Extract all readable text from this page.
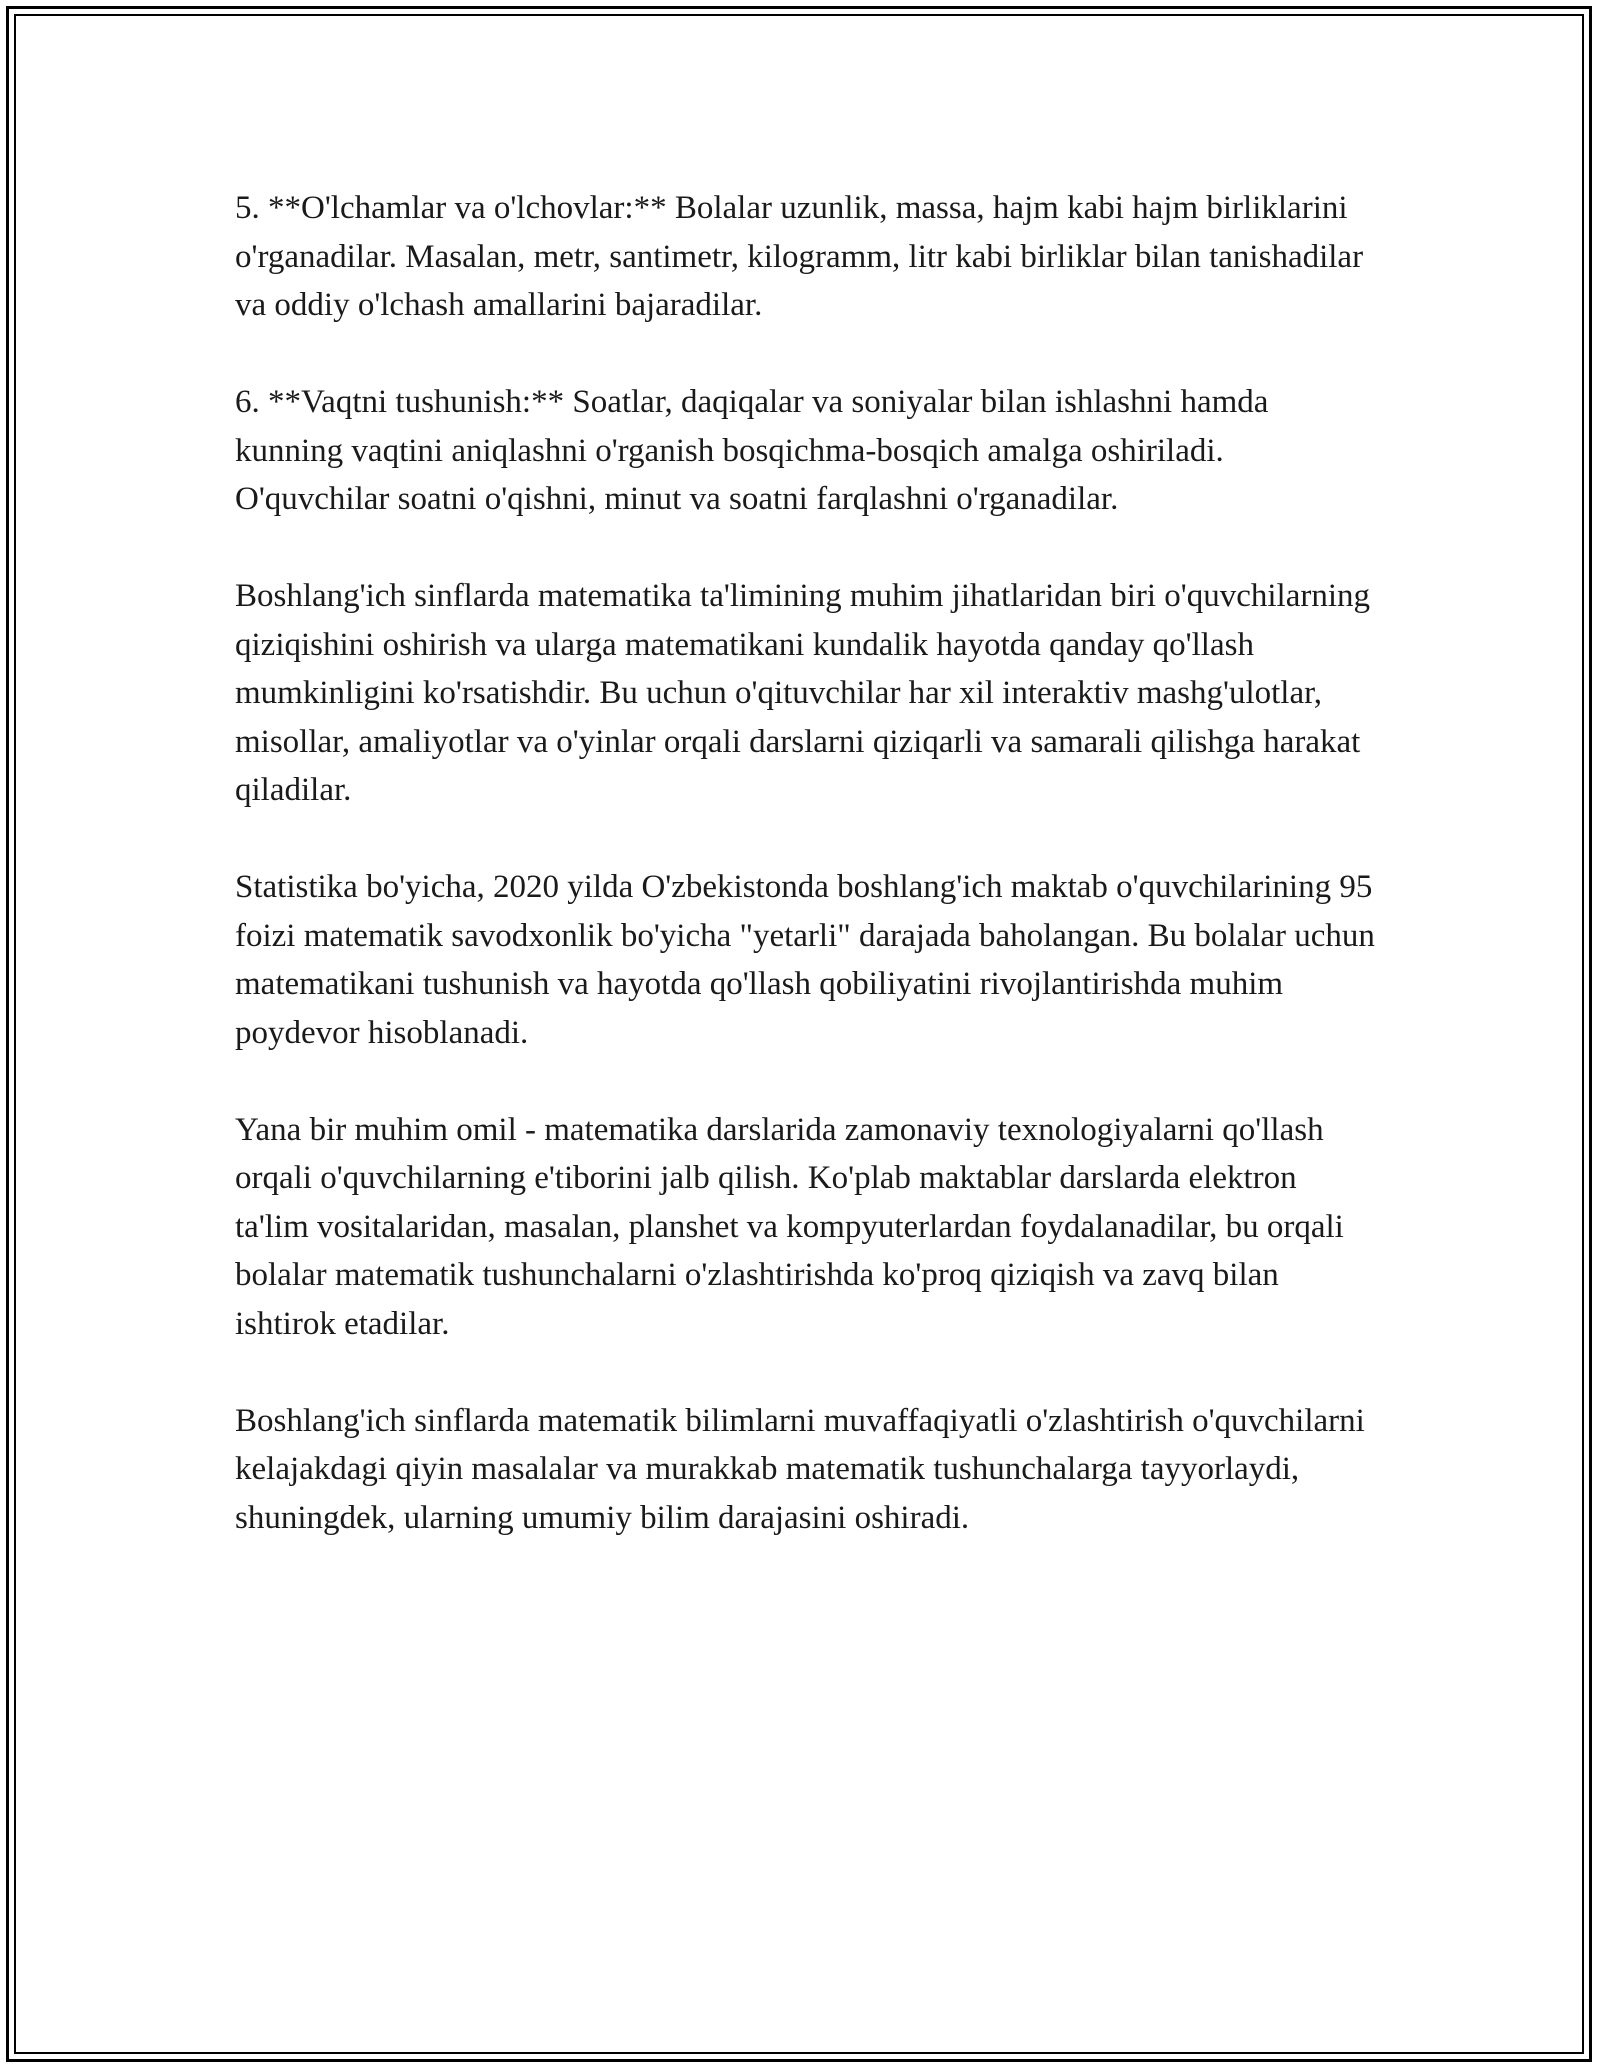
5. **O'lchamlar va o'lchovlar:** Bolalar uzunlik, massa, hajm kabi hajm birliklarini o'rganadilar. Masalan, metr, santimetr, kilogramm, litr kabi birliklar bilan tanishadilar va oddiy o'lchash amallarini bajaradilar.

6. **Vaqtni tushunish:** Soatlar, daqiqalar va soniyalar bilan ishlashni hamda kunning vaqtini aniqlashni o'rganish bosqichma-bosqich amalga oshiriladi. O'quvchilar soatni o'qishni, minut va soatni farqlashni o'rganadilar.

Boshlang'ich sinflarda matematika ta'limining muhim jihatlaridan biri o'quvchilarning qiziqishini oshirish va ularga matematikani kundalik hayotda qanday qo'llash mumkinligini ko'rsatishdir. Bu uchun o'qituvchilar har xil interaktiv mashg'ulotlar, misollar, amaliyotlar va o'yinlar orqali darslarni qiziqarli va samarali qilishga harakat qiladilar.

Statistika bo'yicha, 2020 yilda O'zbekistonda boshlang'ich maktab o'quvchilarining 95 foizi matematik savodxonlik bo'yicha "yetarli" darajada baholangan. Bu bolalar uchun matematikani tushunish va hayotda qo'llash qobiliyatini rivojlantirishda muhim poydevor hisoblanadi.

Yana bir muhim omil - matematika darslarida zamonaviy texnologiyalarni qo'llash orqali o'quvchilarning e'tiborini jalb qilish. Ko'plab maktablar darslarda elektron ta'lim vositalaridan, masalan, planshet va kompyuterlardan foydalanadilar, bu orqali bolalar matematik tushunchalarni o'zlashtirishda ko'proq qiziqish va zavq bilan ishtirok etadilar.

Boshlang'ich sinflarda matematik bilimlarni muvaffaqiyatli o'zlashtirish o'quvchilarni kelajakdagi qiyin masalalar va murakkab matematik tushunchalarga tayyorlaydi, shuningdek, ularning umumiy bilim darajasini oshiradi.
